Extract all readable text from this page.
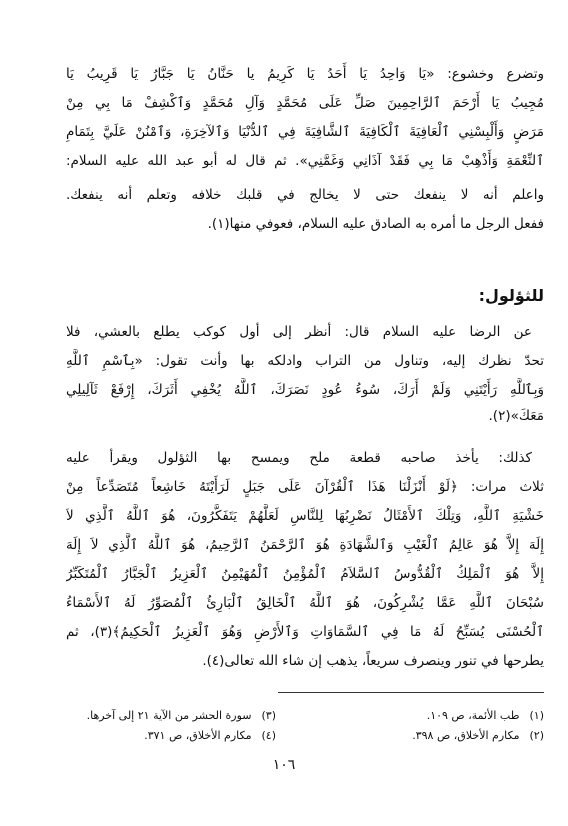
وتضرع وخشوع: «يَا وَاحِدُ يَا أَحَدُ يَا كَرِيمُ يا حَنَّانُ يَا جَبَّارُ يَا قَرِيبُ يَا
مُجِيبُ يَا أَرْحَمَ ٱلرَّاحِمِينَ صَلِّ عَلَى مُحَمَّدٍ وَآلِ مُحَمَّدٍ وَٱكْشِفْ مَا بِي مِنْ
مَرَضٍ وَأَلْبِسْنِي ٱلْعَافِيَةَ ٱلْكَافِيَةَ ٱلشَّافِيَةَ فِي ٱلدُّنْيَا وَٱلآخِرَةِ، وَٱمْنُنْ عَلَيَّ بِتَمَامِ
ٱلنِّعْمَةِ وَأَذْهِبْ مَا بِي فَقَدْ آذَانِي وَغَمَّنِي». ثم قال له أبو عبد الله عليه السلام:
واعلم أنه لا ينفعك حتى لا يخالج في قلبك خلافه وتعلم أنه ينفعك.
ففعل الرجل ما أمره به الصادق عليه السلام، فعوفي منها(١).
للثؤلول:
عن الرضا عليه السلام قال: أنظر إلى أول كوكب يطلع بالعشي، فلا
تحدّ نظرك إليه، وتناول من التراب وادلكه بها وأنت تقول: «بِٱسْمِ ٱللَّهِ
وَبِٱللَّهِ رَأَيْتَنِي وَلَمْ أَرَكَ، سُوءُ عُودٍ نَصَرَكَ، ٱللَّهُ يُخْفِي أَثَرَكَ، إِرْفَعْ ثَآلِيلِي
مَعَكَ»(٢).
كذلك: يأخذ صاحبه قطعة ملح ويمسح بها الثؤلول ويقرأ عليه
ثلاث مرات: ﴿لَوْ أَنْزَلْنَا هَذَا ٱلْقُرْآنَ عَلَى جَبَلٍ لَرَأَيْتَهُ خَاشِعاً مُتَصَدِّعاً مِنْ
خَشْيَةِ ٱللَّهِ، وَتِلْكَ ٱلأَمْثَالُ نَضْرِبُهَا لِلنَّاسِ لَعَلَّهُمْ يَتَفَكَّرُونَ، هُوَ ٱللَّهُ ٱلَّذِي لاَ
إِلَهَ إِلاَّ هُوَ عَالِمُ ٱلْغَيْبِ وَٱلشَّهَادَةِ هُوَ ٱلرَّحْمَنُ ٱلرَّحِيمُ، هُوَ ٱللَّهُ ٱلَّذِي لاَ إِلَهَ
إِلاَّ هُوَ ٱلْمَلِكُ ٱلْقُدُّوسُ ٱلسَّلاَمُ ٱلْمُؤْمِنُ ٱلْمُهَيْمِنُ ٱلْعَزِيزُ ٱلْجَبَّارُ ٱلْمُتَكَبِّرُ
سُبْحَانَ ٱللَّهِ عَمَّا يُشْرِكُونَ، هُوَ ٱللَّهُ ٱلْخَالِقُ ٱلْبَارِئُ ٱلْمُصَوِّرُ لَهُ ٱلأَسْمَاءُ
ٱلْحُسْنَى يُسَبِّحُ لَهُ مَا فِي ٱلسَّمَاوَاتِ وَٱلأَرْضِ وَهُوَ ٱلْعَزِيزُ ٱلْحَكِيمُ﴾(٣)، ثم
يطرحها في تنور وينصرف سريعاً، يذهب إن شاء الله تعالى(٤).
(١)طب الأئمة، ص ١٠٩.
(٢)مكارم الأخلاق، ص ٣٩٨.
(٣)سورة الحشر من الآية ٢١ إلى آخرها.
(٤)مكارم الأخلاق، ص ٣٧١.
١٠٦
